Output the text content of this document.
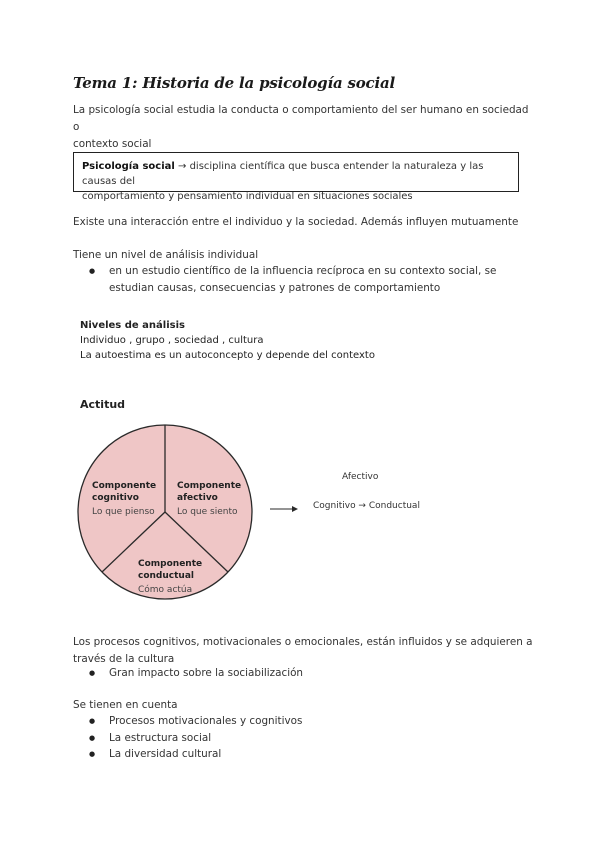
Tema 1: Historia de la psicología social
La psicología social estudia la conducta o comportamiento del ser humano en sociedad o
contexto social
Psicología social → disciplina científica que busca entender la naturaleza y las causas del
comportamiento y pensamiento individual en situaciones sociales
Existe una interacción entre el individuo y la sociedad. Además influyen mutuamente
Tiene un nivel de análisis individual
● en un estudio científico de la influencia recíproca en su contexto social, se estudian causas, consecuencias y patrones de comportamiento
Niveles de análisis
Individuo , grupo , sociedad , cultura
La autoestima es un autoconcepto y depende del contexto
Actitud
Componente
cognitivo
Lo que pienso
Componente
afectivo
Lo que siento
Componente
conductual
Cómo actúa
Afectivo
Cognitivo → Conductual
Los procesos cognitivos, motivacionales o emocionales, están influidos y se adquieren a
través de la cultura
● Gran impacto sobre la sociabilización
Se tienen en cuenta
● Procesos motivacionales y cognitivos
● La estructura social
● La diversidad cultural
